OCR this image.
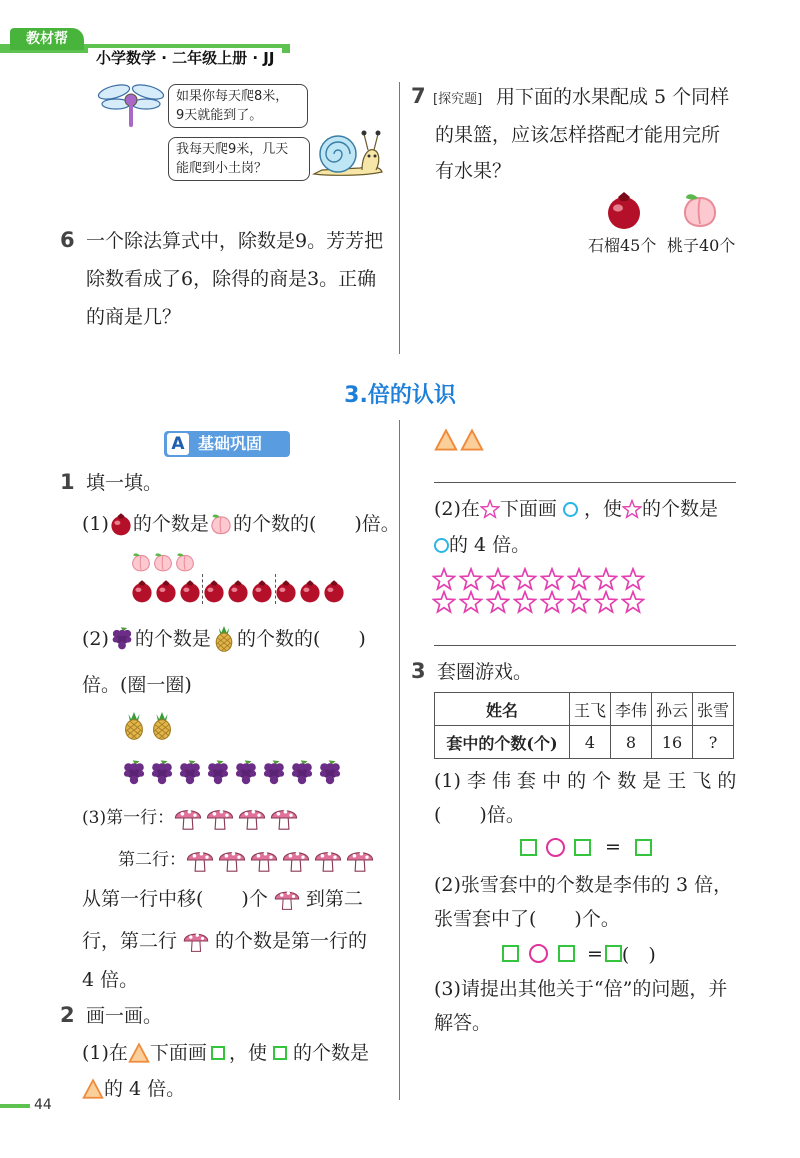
教材帮
小学数学 · 二年级上册 · JJ
如果你每天爬8米，
9天就能到了。
我每天爬9米，几天
能爬到小土岗？
6 一个除法算式中，除数是9。芳芳把
除数看成了6，除得的商是3。正确
的商是几？
7 [探究题] 用下面的水果配成 5 个同样
的果篮，应该怎样搭配才能用完所
有水果？
石榴45个 桃子40个
3.倍的认识
A 基础巩固
1 填一填。
(1) 的个数是 的个数的(　　)倍。
(2) 的个数是 的个数的(　　)
倍。(圈一圈)
(3)第一行：
第二行：
从第一行中移(　　)个 到第二
行，第二行 的个数是第一行的
4 倍。
2 画一画。
(1)在 下面画 ，使 的个数是
的 4 倍。
(2)在 下面画 ，使 的个数是
的 4 倍。
3 套圈游戏。
姓名	王飞	李伟	孙云	张雪
套中的个数(个)	4	8	16	?
(1) 李 伟 套 中 的 个 数 是 王 飞 的
(　　)倍。
=
(2)张雪套中的个数是李伟的 3 倍，
张雪套中了(　　)个。
= (　)
(3)请提出其他关于“倍”的问题，并
解答。
44
